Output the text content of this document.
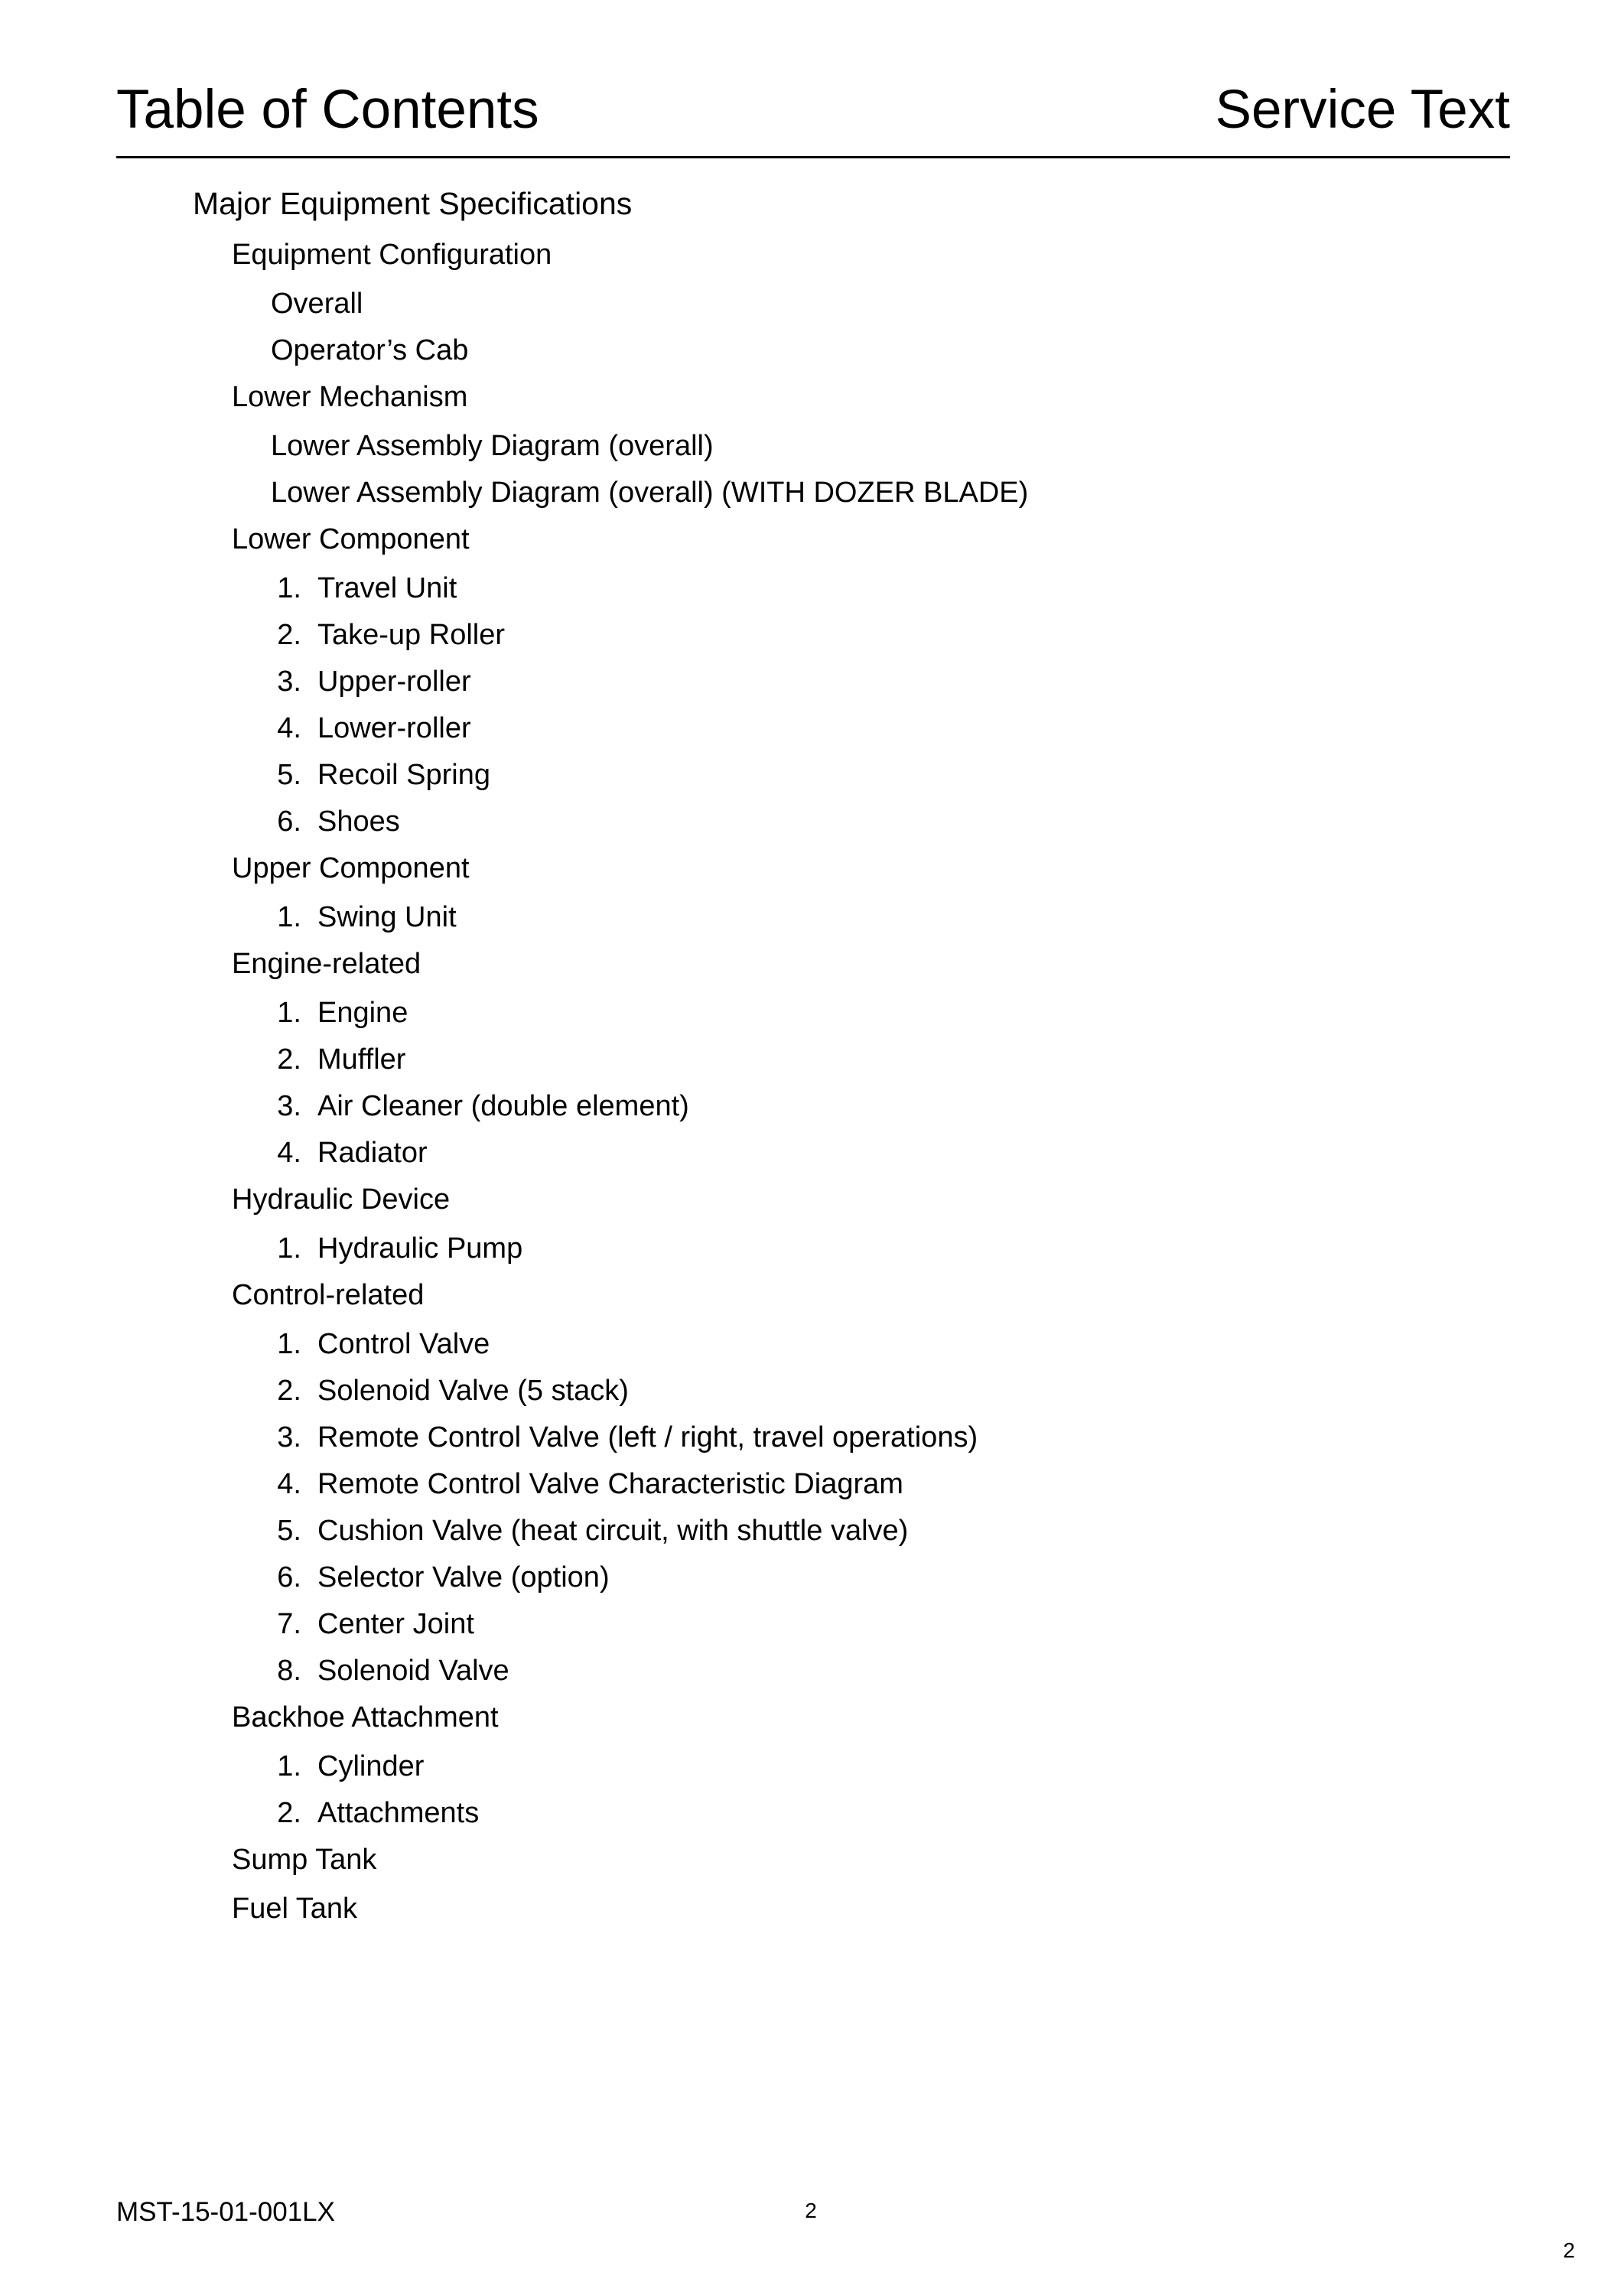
Table of Contents	Service Text
Major Equipment Specifications
Equipment Configuration
Overall
Operator’s Cab
Lower Mechanism
Lower Assembly Diagram (overall)
Lower Assembly Diagram (overall) (WITH DOZER BLADE)
Lower Component
1. Travel Unit
2. Take-up Roller
3. Upper-roller
4. Lower-roller
5. Recoil Spring
6. Shoes
Upper Component
1. Swing Unit
Engine-related
1. Engine
2. Muffler
3. Air Cleaner (double element)
4. Radiator
Hydraulic Device
1. Hydraulic Pump
Control-related
1. Control Valve
2. Solenoid Valve (5 stack)
3. Remote Control Valve (left / right, travel operations)
4. Remote Control Valve Characteristic Diagram
5. Cushion Valve (heat circuit, with shuttle valve)
6. Selector Valve (option)
7. Center Joint
8. Solenoid Valve
Backhoe Attachment
1. Cylinder
2. Attachments
Sump Tank
Fuel Tank
MST-15-01-001LX	2
2
